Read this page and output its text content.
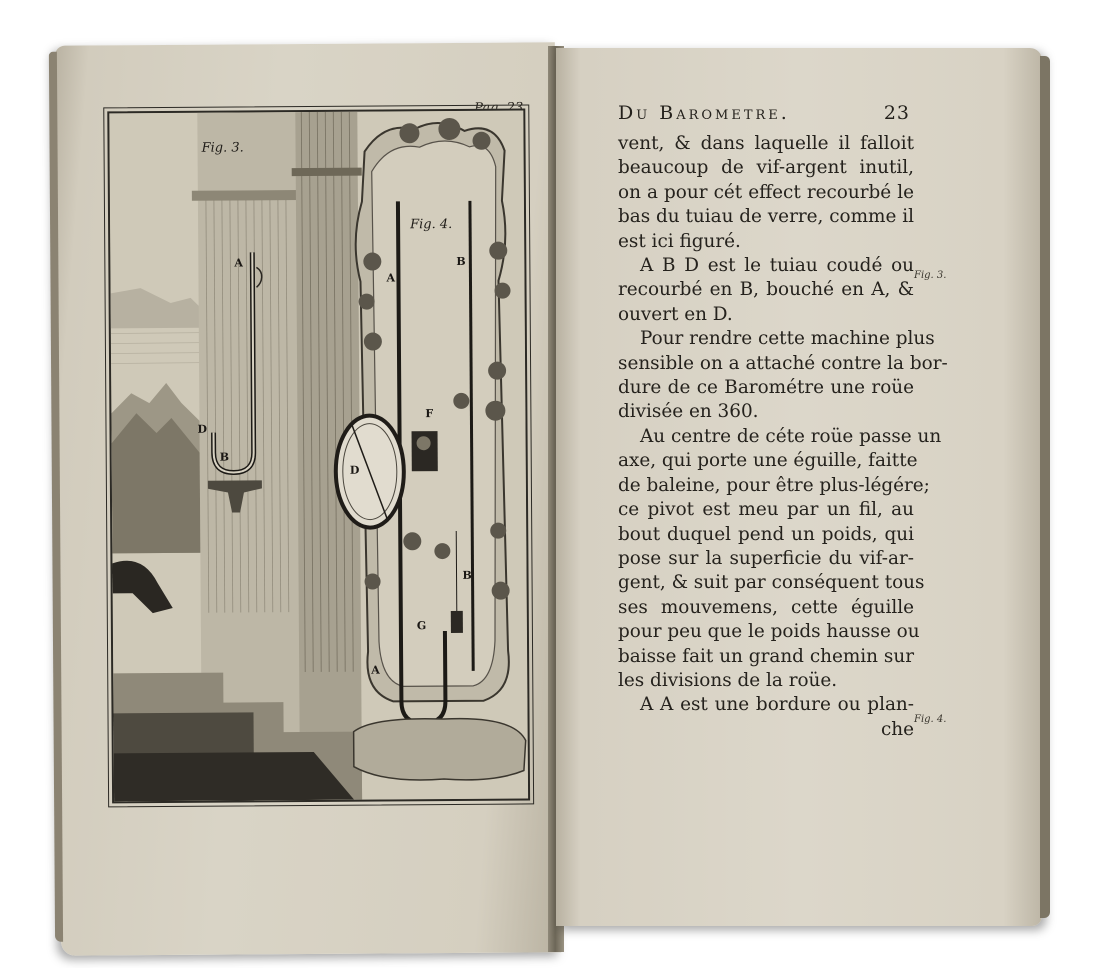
Fig. 3.
Fig. 4.
A
D
B
A
B
D
F
B
G
A
Du Barometre.	23
vent, & dans laquelle il falloit
beaucoup de vif-argent inutil,
on a pour cét effect recourbé le
bas du tuiau de verre, comme il
est ici figuré.
A B D est le tuiau coudé ou
recourbé en B, bouché en A, &
ouvert en D.
Pour rendre cette machine plus
sensible on a attaché contre la bor-
dure de ce Barométre une roüe
divisée en 360.
Au centre de céte roüe passe un
axe, qui porte une éguille, faitte
de baleine, pour être plus-légére;
ce pivot est meu par un fil, au
bout duquel pend un poids, qui
pose sur la superficie du vif-ar-
gent, & suit par conséquent tous
ses mouvemens, cette éguille
pour peu que le poids hausse ou
baisse fait un grand chemin sur
les divisions de la roüe.
A A est une bordure ou plan-
che
Fig. 3.
Fig. 4.
